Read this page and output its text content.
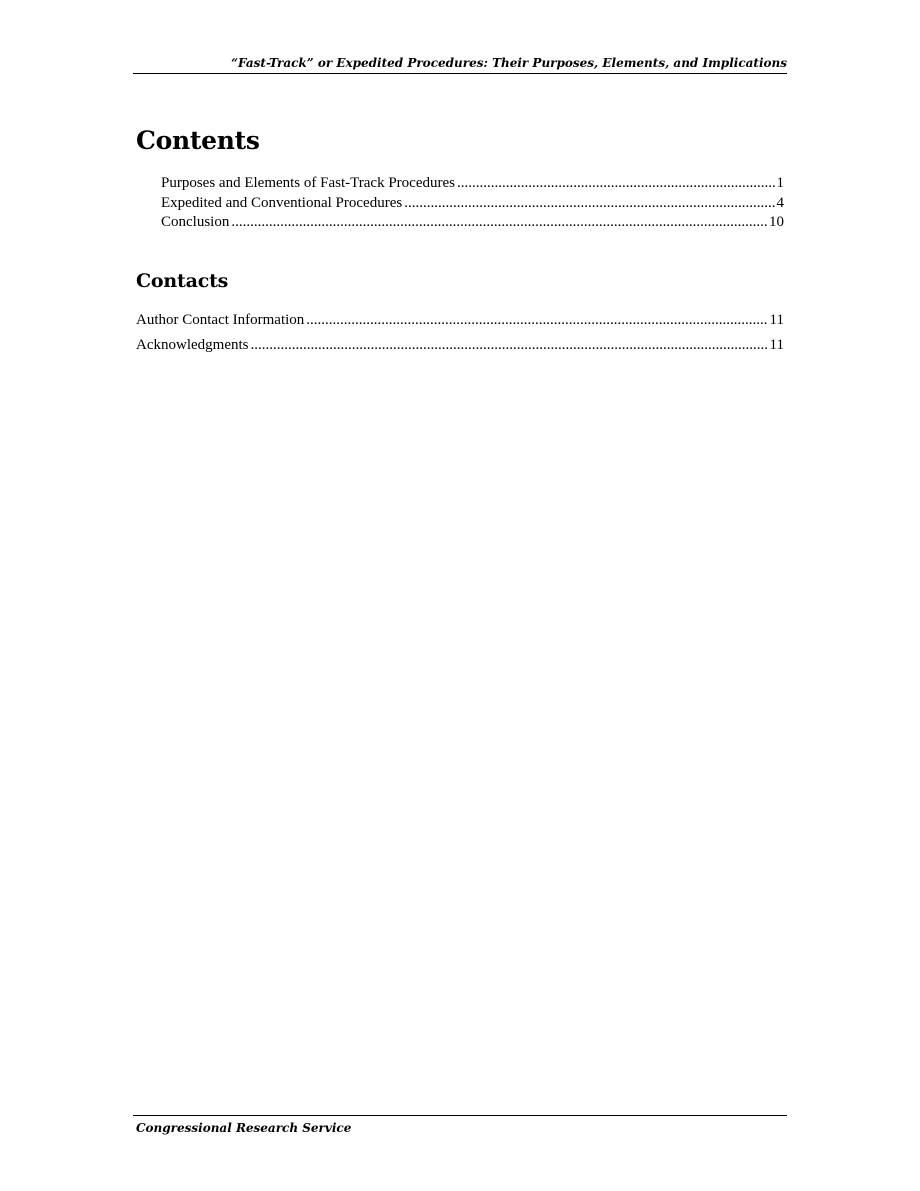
“Fast-Track” or Expedited Procedures: Their Purposes, Elements, and Implications
Contents
Purposes and Elements of Fast-Track Procedures .....	1
Expedited and Conventional Procedures .....	4
Conclusion .....	10
Contacts
Author Contact Information .....	11
Acknowledgments .....	11
Congressional Research Service
